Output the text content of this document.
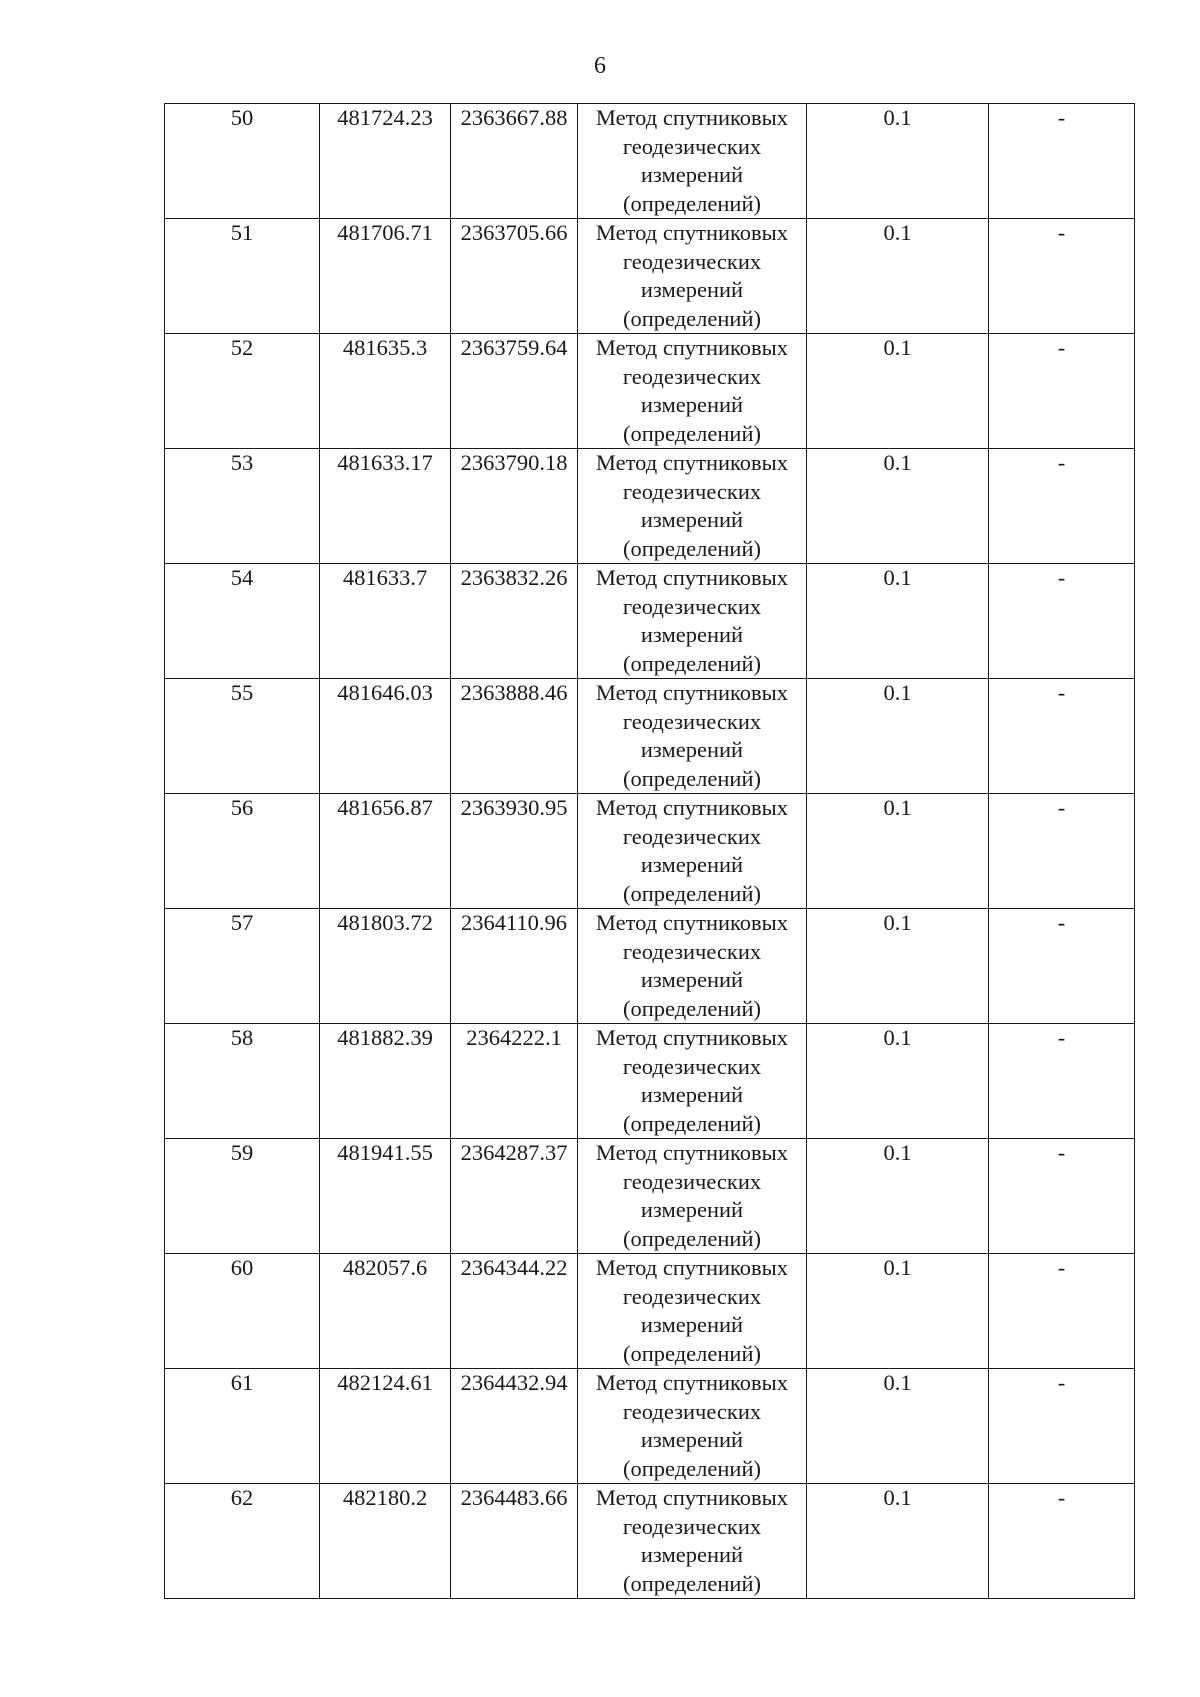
6
50	481724.23	2363667.88	Метод спутниковых
геодезических
измерений
(определений)	0.1	-
51	481706.71	2363705.66	Метод спутниковых
геодезических
измерений
(определений)	0.1	-
52	481635.3	2363759.64	Метод спутниковых
геодезических
измерений
(определений)	0.1	-
53	481633.17	2363790.18	Метод спутниковых
геодезических
измерений
(определений)	0.1	-
54	481633.7	2363832.26	Метод спутниковых
геодезических
измерений
(определений)	0.1	-
55	481646.03	2363888.46	Метод спутниковых
геодезических
измерений
(определений)	0.1	-
56	481656.87	2363930.95	Метод спутниковых
геодезических
измерений
(определений)	0.1	-
57	481803.72	2364110.96	Метод спутниковых
геодезических
измерений
(определений)	0.1	-
58	481882.39	2364222.1	Метод спутниковых
геодезических
измерений
(определений)	0.1	-
59	481941.55	2364287.37	Метод спутниковых
геодезических
измерений
(определений)	0.1	-
60	482057.6	2364344.22	Метод спутниковых
геодезических
измерений
(определений)	0.1	-
61	482124.61	2364432.94	Метод спутниковых
геодезических
измерений
(определений)	0.1	-
62	482180.2	2364483.66	Метод спутниковых
геодезических
измерений
(определений)	0.1	-
